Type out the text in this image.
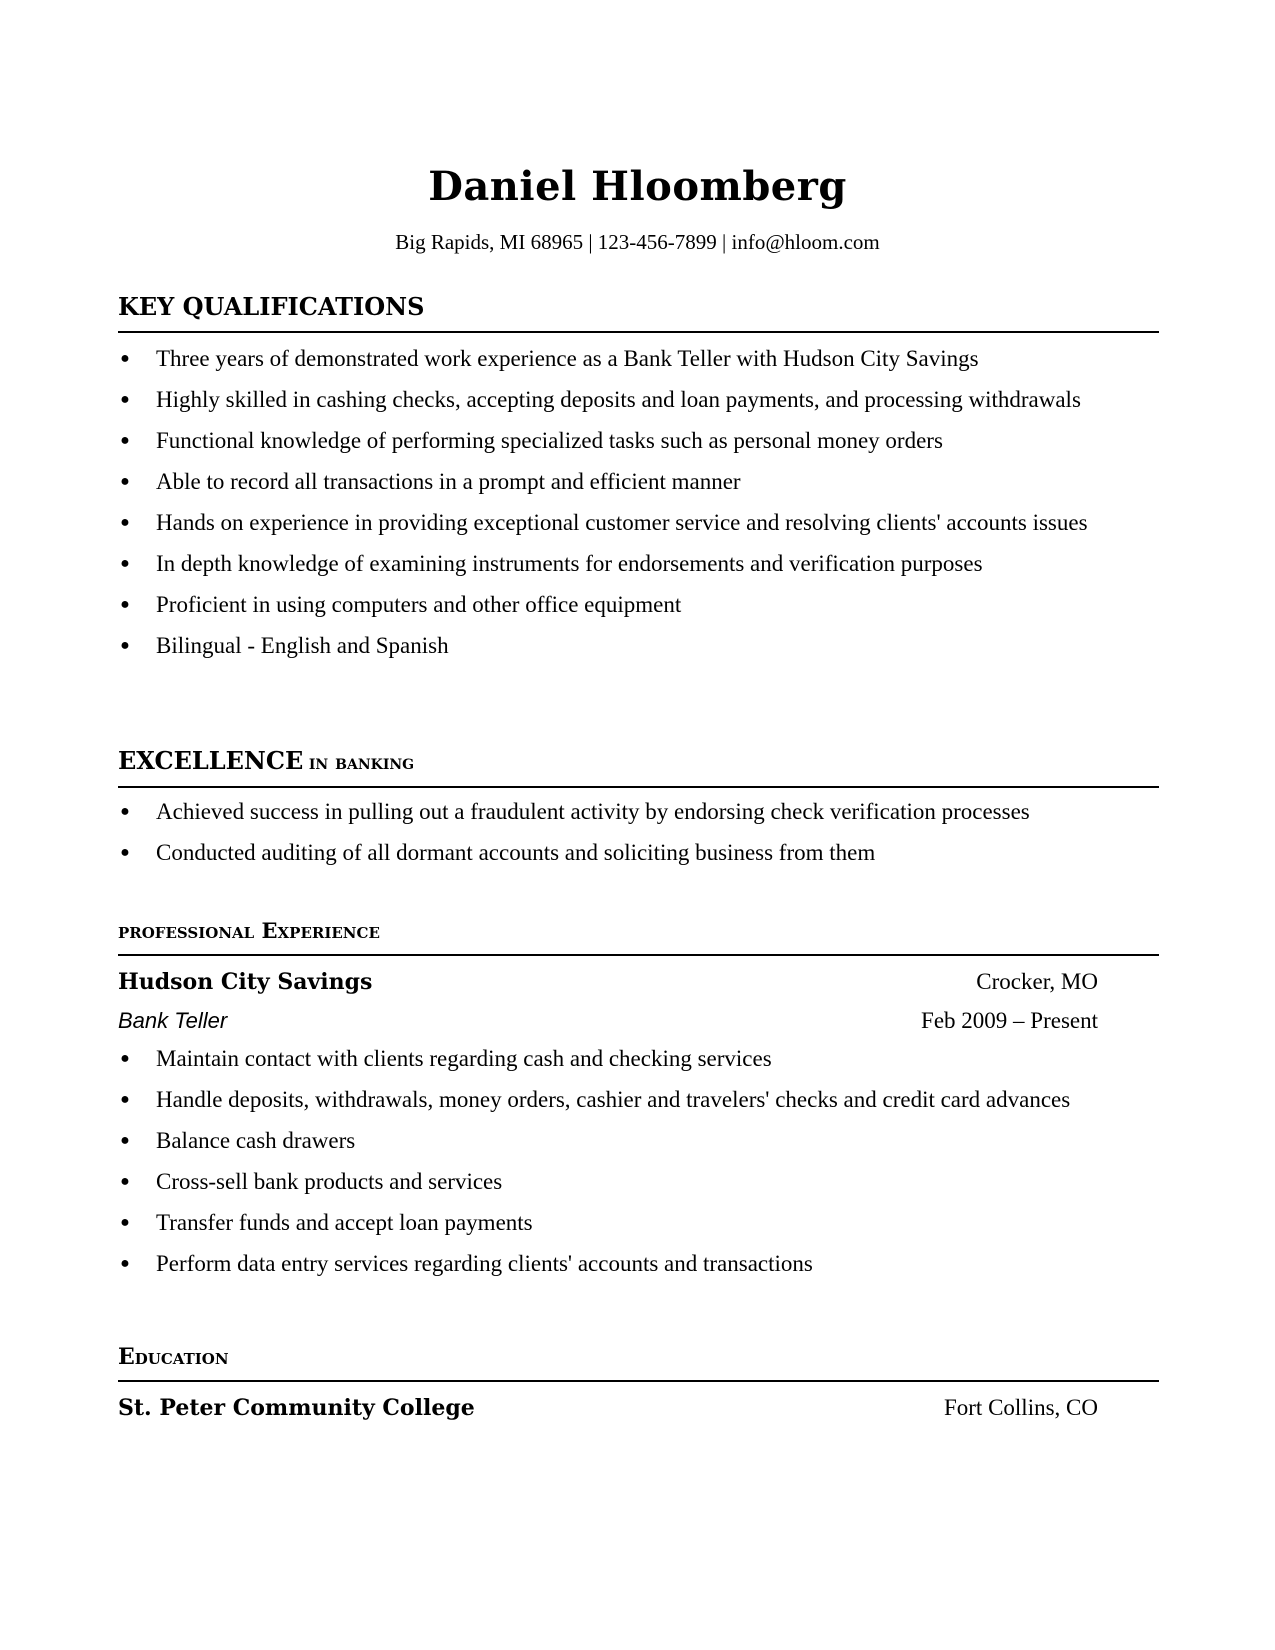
Daniel Hloomberg
Big Rapids, MI 68965 | 123-456-7899 | info@hloom.com
KEY QUALIFICATIONS
● Three years of demonstrated work experience as a Bank Teller with Hudson City Savings
● Highly skilled in cashing checks, accepting deposits and loan payments, and processing withdrawals
● Functional knowledge of performing specialized tasks such as personal money orders
● Able to record all transactions in a prompt and efficient manner
● Hands on experience in providing exceptional customer service and resolving clients' accounts issues
● In depth knowledge of examining instruments for endorsements and verification purposes
● Proficient in using computers and other office equipment
● Bilingual - English and Spanish
EXCELLENCE in banking
● Achieved success in pulling out a fraudulent activity by endorsing check verification processes
● Conducted auditing of all dormant accounts and soliciting business from them
professional Experience
Hudson City Savings	Crocker, MO
Bank Teller	Feb 2009 – Present
● Maintain contact with clients regarding cash and checking services
● Handle deposits, withdrawals, money orders, cashier and travelers' checks and credit card advances
● Balance cash drawers
● Cross-sell bank products and services
● Transfer funds and accept loan payments
● Perform data entry services regarding clients' accounts and transactions
Education
St. Peter Community College	Fort Collins, CO
